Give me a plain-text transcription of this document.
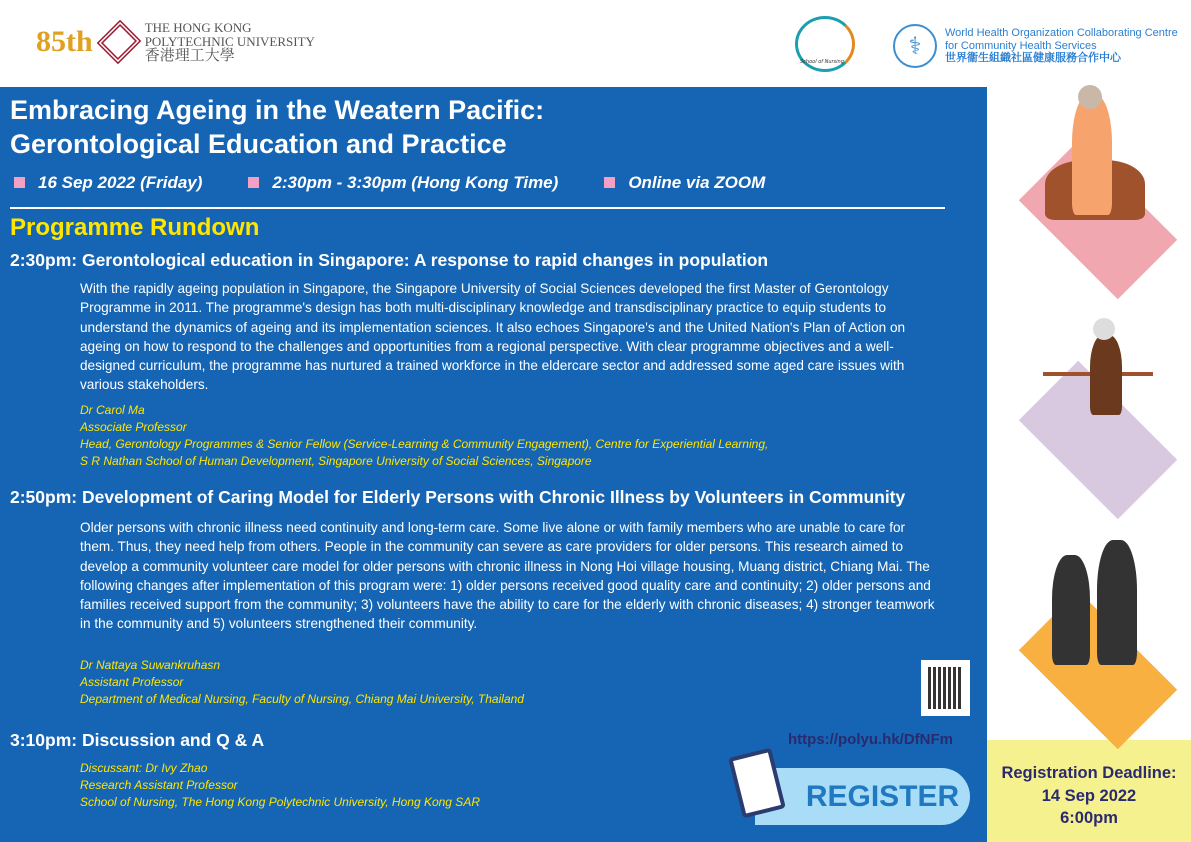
85th	THE HONG KONG
POLYTECHNIC UNIVERSITY
香港理工大學	School of Nursing
⚕	World Health Organization Collaborating Centre
for Community Health Services
世界衞生組織社區健康服務合作中心
Embracing Ageing in the Weatern Pacific:
Gerontological Education and Practice
16 Sep 2022 (Friday)	2:30pm - 3:30pm (Hong Kong Time)	Online via ZOOM
Programme Rundown
2:30pm: Gerontological education in Singapore: A response to rapid changes in population
With the rapidly ageing population in Singapore, the Singapore University of Social Sciences developed the first Master of Gerontology Programme in 2011. The programme's design has both multi-disciplinary knowledge and transdisciplinary practice to equip students to understand the dynamics of ageing and its implementation sciences. It also echoes Singapore's and the United Nation's Plan of Action on ageing on how to respond to the challenges and opportunities from a regional perspective. With clear programme objectives and a well-designed curriculum, the programme has nurtured a trained workforce in the eldercare sector and addressed some aged care issues with various stakeholders.
Dr Carol Ma
Associate Professor
Head, Gerontology Programmes & Senior Fellow (Service-Learning & Community Engagement), Centre for Experiential Learning,
S R Nathan School of Human Development, Singapore University of Social Sciences, Singapore
2:50pm: Development of Caring Model for Elderly Persons with Chronic Illness by Volunteers in Community
Older persons with chronic illness need continuity and long-term care. Some live alone or with family members who are unable to care for them. Thus, they need help from others. People in the community can severe as care providers for older persons. This research aimed to develop a community volunteer care model for older persons with chronic illness in Nong Hoi village housing, Muang district, Chiang Mai. The following changes after implementation of this program were: 1) older persons received good quality care and continuity; 2) older persons and families received support from the community; 3) volunteers have the ability to care for the elderly with chronic diseases; 4) stronger teamwork in the community and 5) volunteers strengthened their community.
Dr Nattaya Suwankruhasn
Assistant Professor
Department of Medical Nursing, Faculty of Nursing, Chiang Mai University, Thailand
3:10pm: Discussion and Q & A
Discussant: Dr Ivy Zhao
Research Assistant Professor
School of Nursing, The Hong Kong Polytechnic University, Hong Kong SAR
https://polyu.hk/DfNFm
REGISTER
Registration Deadline:
14 Sep 2022
6:00pm
